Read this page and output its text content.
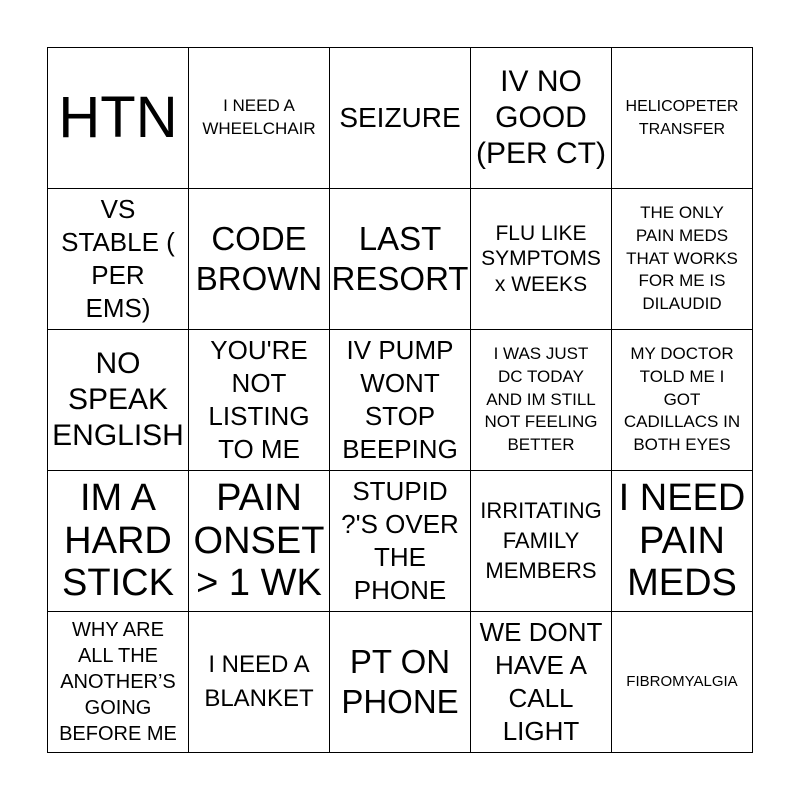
HTN	I NEED A
WHEELCHAIR SEIZURE
IV NO
GOOD
(PER CT)
HELICOPETER
TRANSFER
VS
STABLE (
PER
EMS)
CODE
BROWN
LAST
RESORT
FLU LIKE
SYMPTOMS
x WEEKS
THE ONLY
PAIN MEDS
THAT WORKS
FOR ME IS
DILAUDID
NO
SPEAK
ENGLISH
YOU'RE
NOT
LISTING
TO ME
IV PUMP
WONT
STOP
BEEPING
I WAS JUST
DC TODAY
AND IM STILL
NOT FEELING
BETTER
MY DOCTOR
TOLD ME I
GOT
CADILLACS IN
BOTH EYES
IM A
HARD
STICK
PAIN
ONSET
> 1 WK
STUPID
?'S OVER
THE
PHONE
IRRITATING
FAMILY
MEMBERS
I NEED
PAIN
MEDS
WHY ARE
ALL THE
ANOTHER’S
GOING
BEFORE ME
I NEED A
BLANKET
PT ON
PHONE
WE DONT
HAVE A
CALL
LIGHT
FIBROMYALGIA
